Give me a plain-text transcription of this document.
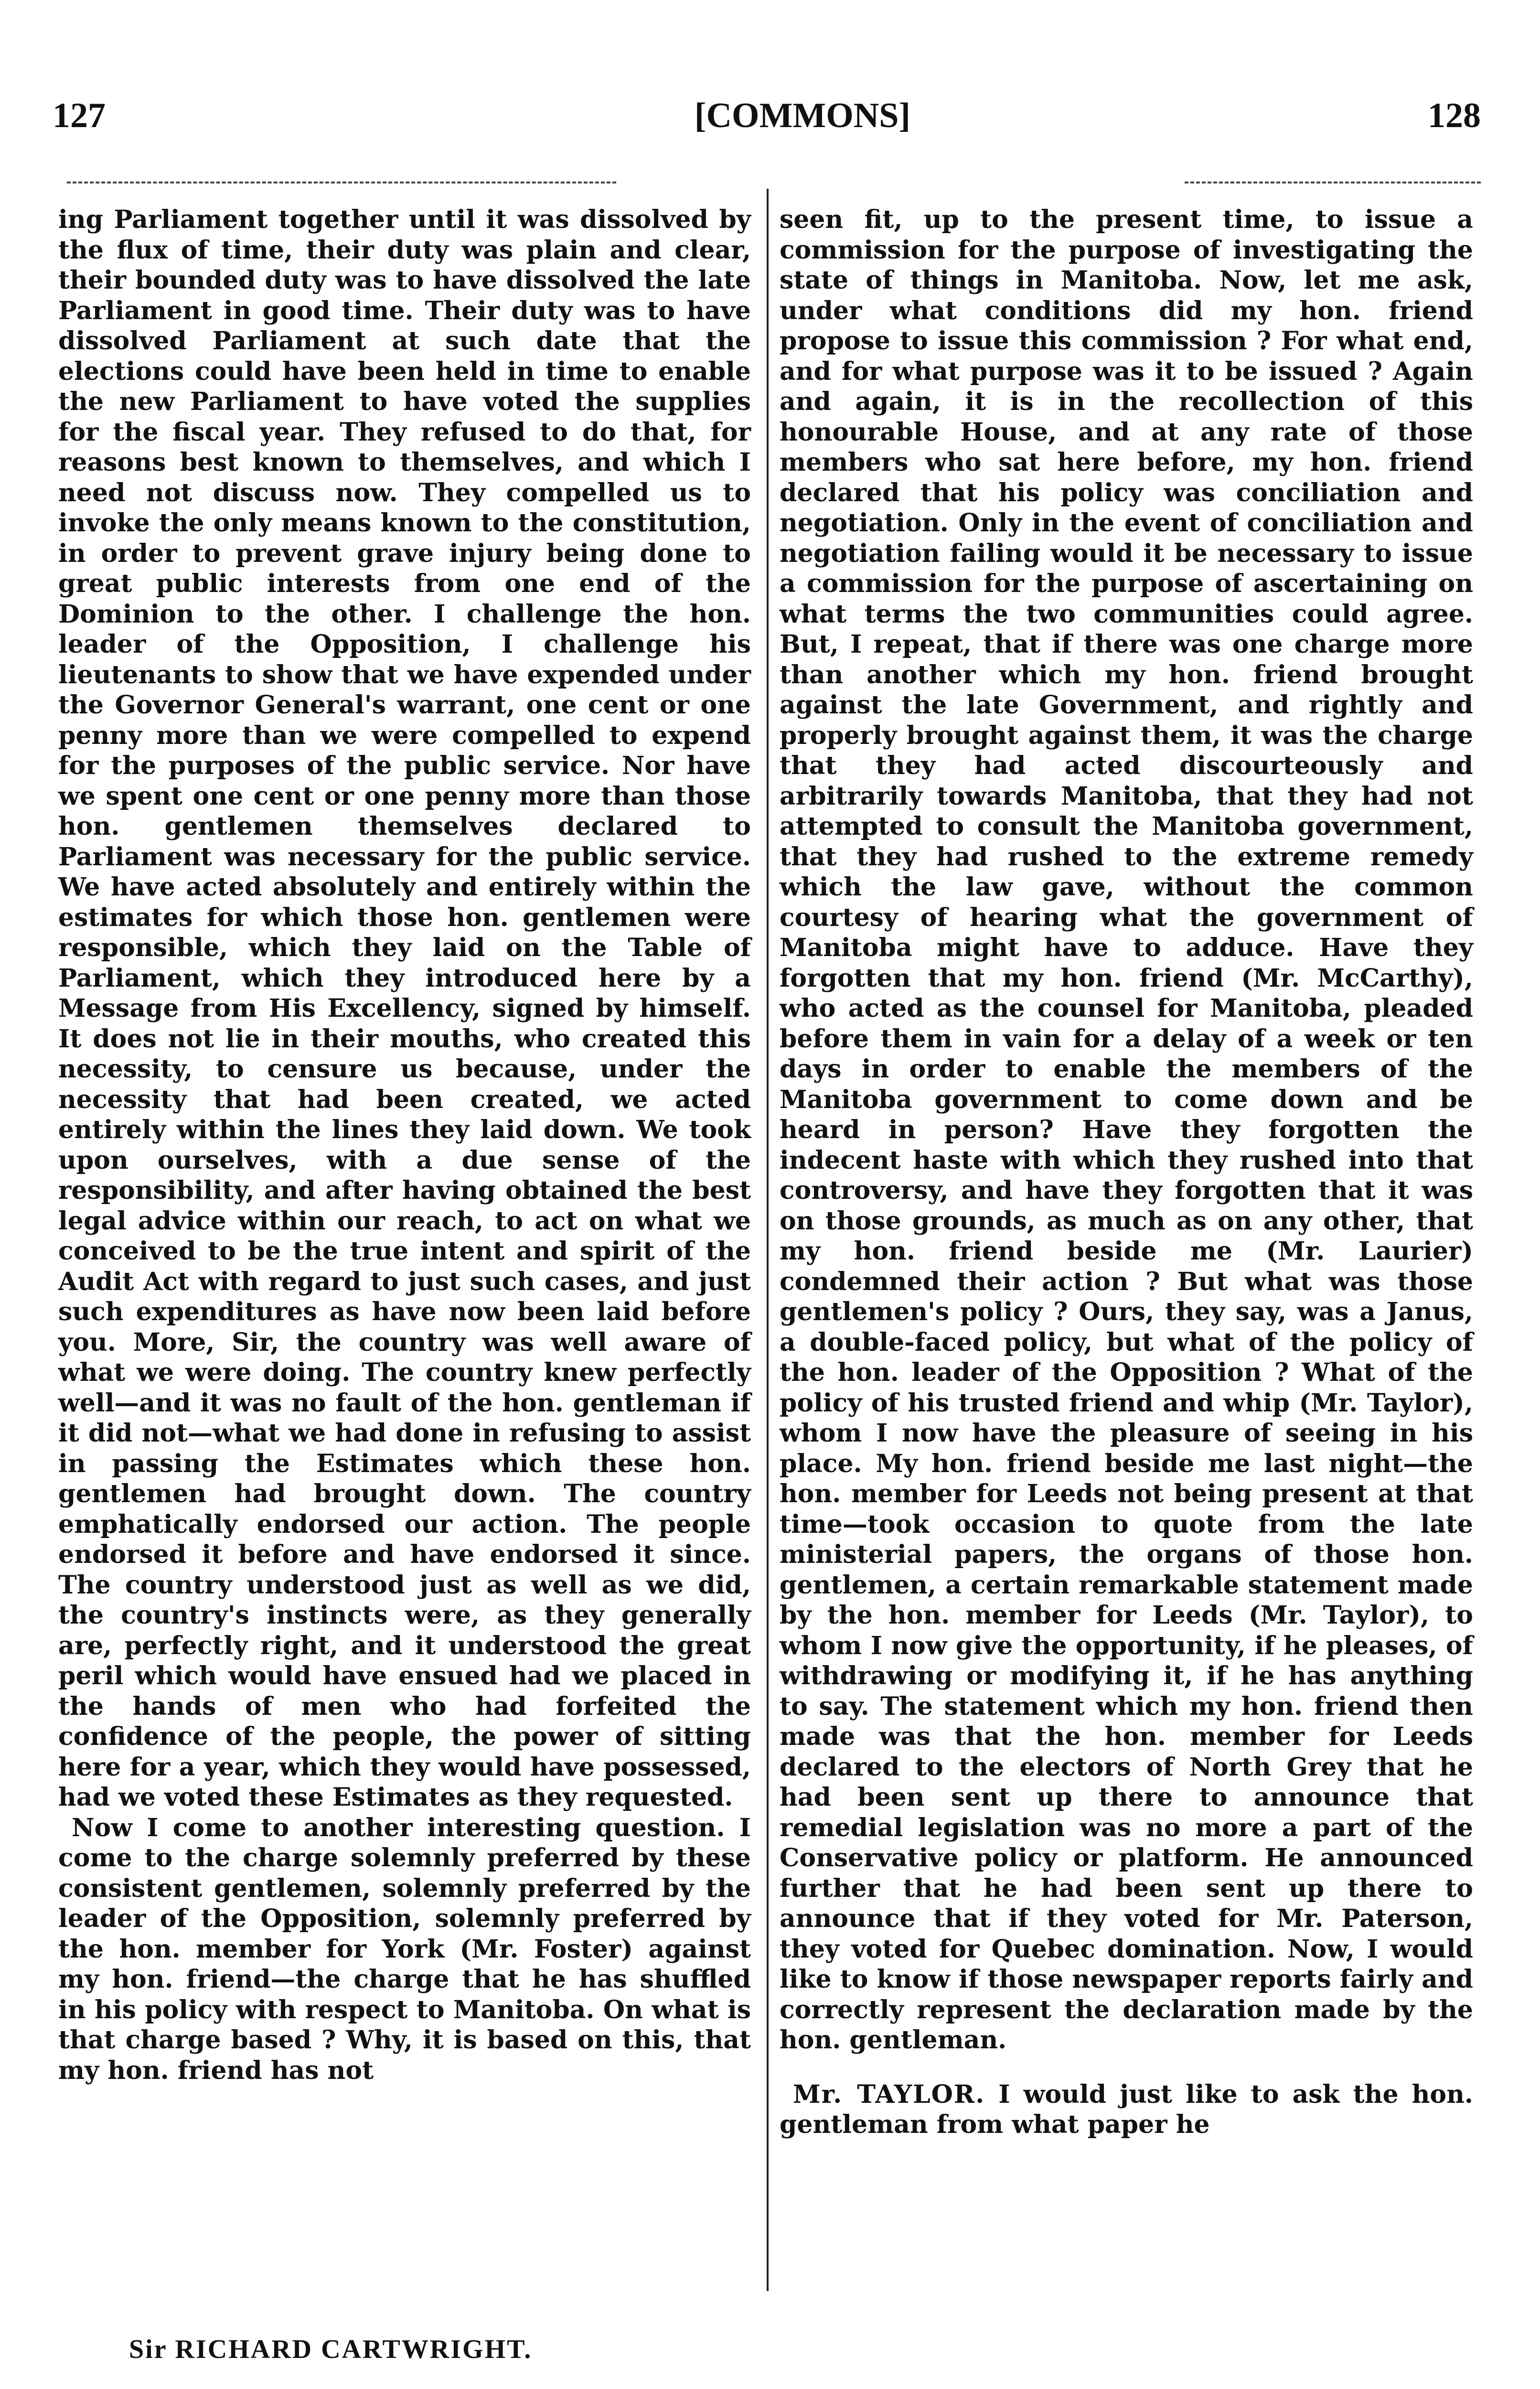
127	[COMMONS]	128

ing Parliament together until it was dissolved by the flux of time, their duty was plain and clear, their bounded duty was to have dissolved the late Parliament in good time. Their duty was to have dissolved Parliament at such date that the elections could have been held in time to enable the new Parliament to have voted the supplies for the fiscal year. They refused to do that, for reasons best known to themselves, and which I need not discuss now. They compelled us to invoke the only means known to the constitution, in order to prevent grave injury being done to great public interests from one end of the Dominion to the other. I challenge the hon. leader of the Opposition, I challenge his lieutenants to show that we have expended under the Governor General's warrant, one cent or one penny more than we were compelled to expend for the purposes of the public service. Nor have we spent one cent or one penny more than those hon. gentlemen themselves declared to Parliament was necessary for the public service. We have acted absolutely and entirely within the estimates for which those hon. gentlemen were responsible, which they laid on the Table of Parliament, which they introduced here by a Message from His Excellency, signed by himself. It does not lie in their mouths, who created this necessity, to censure us because, under the necessity that had been created, we acted entirely within the lines they laid down. We took upon ourselves, with a due sense of the responsibility, and after having obtained the best legal advice within our reach, to act on what we conceived to be the true intent and spirit of the Audit Act with regard to just such cases, and just such expenditures as have now been laid before you. More, Sir, the country was well aware of what we were doing. The country knew perfectly well—and it was no fault of the hon. gentleman if it did not—what we had done in refusing to assist in passing the Estimates which these hon. gentlemen had brought down. The country emphatically endorsed our action. The people endorsed it before and have endorsed it since. The country understood just as well as we did, the country's instincts were, as they generally are, perfectly right, and it understood the great peril which would have ensued had we placed in the hands of men who had forfeited the confidence of the people, the power of sitting here for a year, which they would have possessed, had we voted these Estimates as they requested.

Now I come to another interesting question. I come to the charge solemnly preferred by these consistent gentlemen, solemnly preferred by the leader of the Opposition, solemnly preferred by the hon. member for York (Mr. Foster) against my hon. friend—the charge that he has shuffled in his policy with respect to Manitoba. On what is that charge based ? Why, it is based on this, that my hon. friend has not

seen fit, up to the present time, to issue a commission for the purpose of investigating the state of things in Manitoba. Now, let me ask, under what conditions did my hon. friend propose to issue this commission ? For what end, and for what purpose was it to be issued ? Again and again, it is in the recollection of this honourable House, and at any rate of those members who sat here before, my hon. friend declared that his policy was conciliation and negotiation. Only in the event of conciliation and negotiation failing would it be necessary to issue a commission for the purpose of ascertaining on what terms the two communities could agree. But, I repeat, that if there was one charge more than another which my hon. friend brought against the late Government, and rightly and properly brought against them, it was the charge that they had acted discourteously and arbitrarily towards Manitoba, that they had not attempted to consult the Manitoba government, that they had rushed to the extreme remedy which the law gave, without the common courtesy of hearing what the government of Manitoba might have to adduce. Have they forgotten that my hon. friend (Mr. McCarthy), who acted as the counsel for Manitoba, pleaded before them in vain for a delay of a week or ten days in order to enable the members of the Manitoba government to come down and be heard in person? Have they forgotten the indecent haste with which they rushed into that controversy, and have they forgotten that it was on those grounds, as much as on any other, that my hon. friend beside me (Mr. Laurier) condemned their action ? But what was those gentlemen's policy ? Ours, they say, was a Janus, a double-faced policy, but what of the policy of the hon. leader of the Opposition ? What of the policy of his trusted friend and whip (Mr. Taylor), whom I now have the pleasure of seeing in his place. My hon. friend beside me last night—the hon. member for Leeds not being present at that time—took occasion to quote from the late ministerial papers, the organs of those hon. gentlemen, a certain remarkable statement made by the hon. member for Leeds (Mr. Taylor), to whom I now give the opportunity, if he pleases, of withdrawing or modifying it, if he has anything to say. The statement which my hon. friend then made was that the hon. member for Leeds declared to the electors of North Grey that he had been sent up there to announce that remedial legislation was no more a part of the Conservative policy or platform. He announced further that he had been sent up there to announce that if they voted for Mr. Paterson, they voted for Quebec domination. Now, I would like to know if those newspaper reports fairly and correctly represent the declaration made by the hon. gentleman.

Mr. TAYLOR. I would just like to ask the hon. gentleman from what paper he

Sir RICHARD CARTWRIGHT.
